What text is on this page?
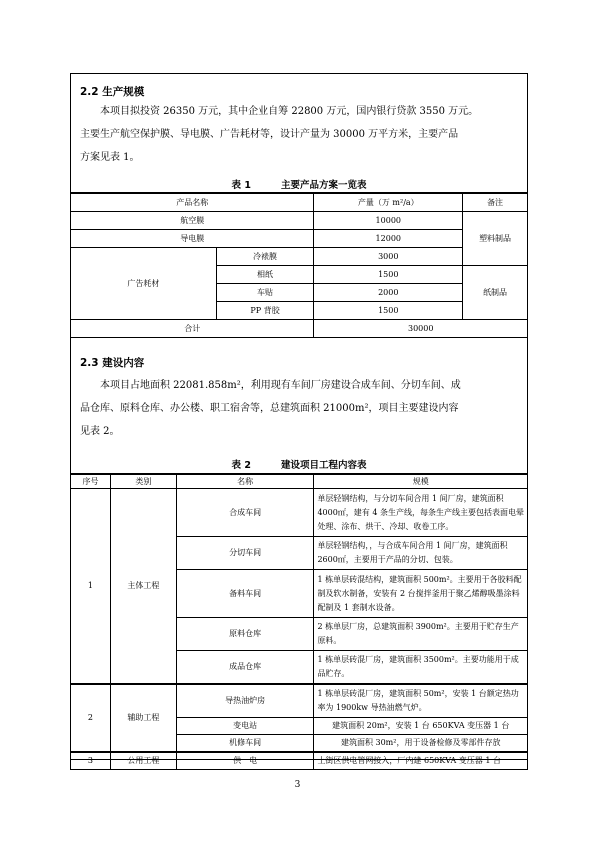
2.2 生产规模
本项目拟投资 26350 万元，其中企业自筹 22800 万元，国内银行贷款 3550 万元。
主要生产航空保护膜、导电膜、广告耗材等，设计产量为 30000 万平方米，主要产品
方案见表 1。
表 1	主要产品方案一览表
产品名称		产量（万 m²/a）	备注
航空膜		10000	塑料制品
导电膜		12000	
广告耗材	冷裱膜	3000	
	相纸	1500	纸制品
	车贴	2000	
	PP 背胶	1500	
合计		30000	
2.3 建设内容
本项目占地面积 22081.858m²，利用现有车间厂房建设合成车间、分切车间、成
品仓库、原料仓库、办公楼、职工宿舍等，总建筑面积 21000m²，项目主要建设内容
见表 2。
表 2	建设项目工程内容表
序号	类别	名称	规模
1	主体工程	合成车间	单层轻钢结构，与分切车间合用 1 间厂房，建筑面积 4000㎡，建有 4 条生产线，每条生产线主要包括表面电晕处理、涂布、烘干、冷却、收卷工序。
		分切车间	单层轻钢结构，，与合成车间合用 1 间厂房，建筑面积 2600㎡，主要用于产品的分切、包装。
		备料车间	1 栋单层砖混结构，建筑面积 500m²。主要用于各胶料配制及软水制备，安装有 2 台搅拌釜用于聚乙烯醇吸墨涂料配制及 1 套制水设备。
		原料仓库	2 栋单层厂房，总建筑面积 3900m²。主要用于贮存生产原料。
		成品仓库	1 栋单层砖混厂房，建筑面积 3500m²。主要功能用于成品贮存。
2	辅助工程	导热油炉房	1 栋单层砖混厂房，建筑面积 50m²，安装 1 台额定热功率为 1900kw 导热油燃气炉。
		变电站	建筑面积 20m²，安装 1 台 650KVA 变压器 1 台
		机修车间	建筑面积 30m²，用于设备检修及零部件存放
3	公用工程	供　电	上街区供电管网接入，厂内建 650KVA 变压器 1 台
3
